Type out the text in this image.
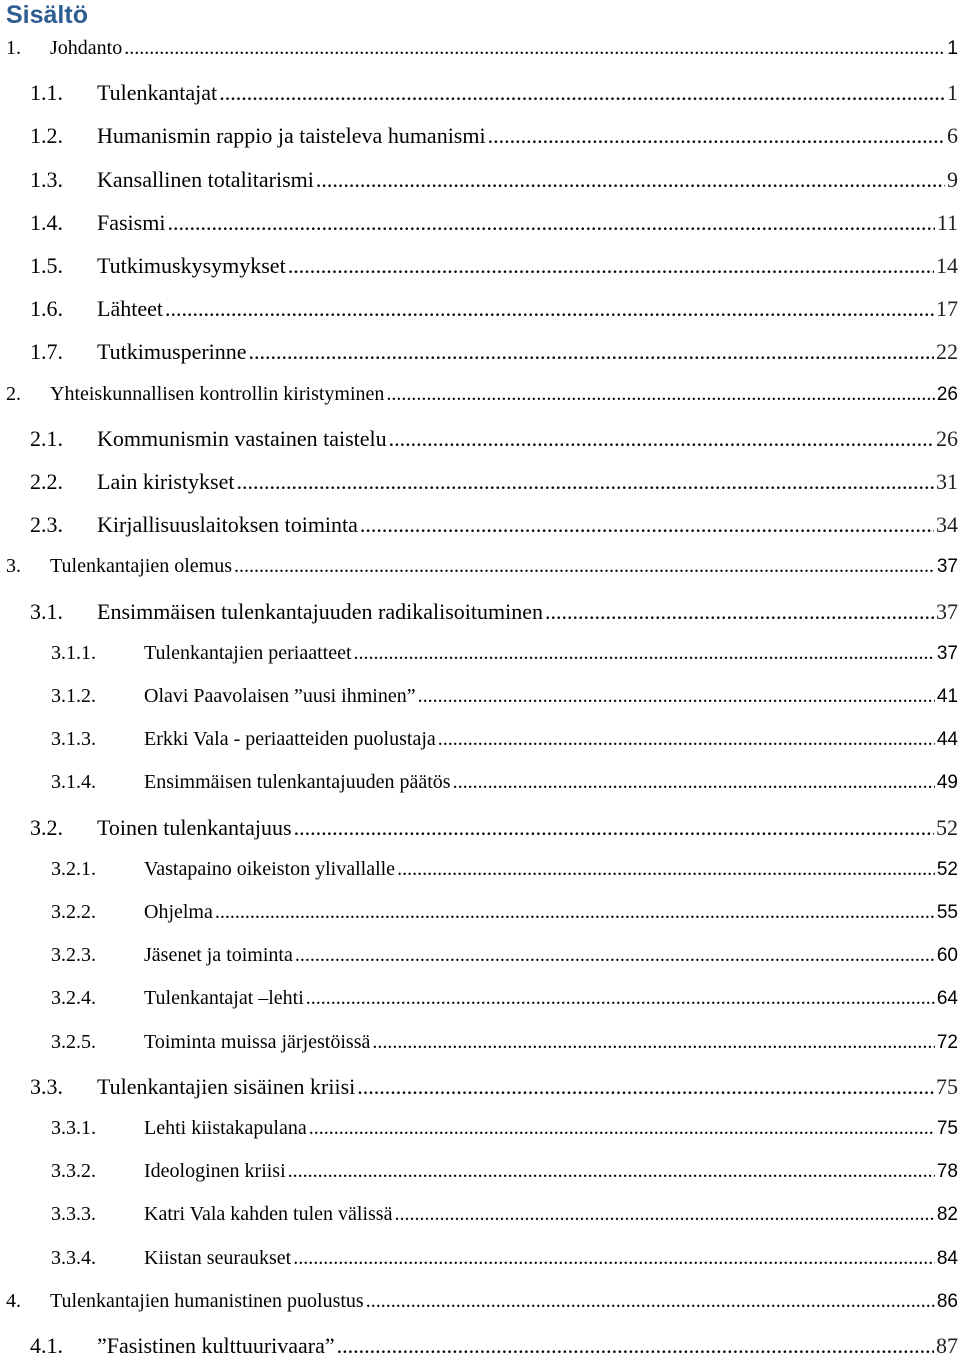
Sisältö
1.	Johdanto .....	1
1.1.	Tulenkantajat .....	1
1.2.	Humanismin rappio ja taisteleva humanismi .....	6
1.3.	Kansallinen totalitarismi .....	9
1.4.	Fasismi .....	11
1.5.	Tutkimuskysymykset .....	14
1.6.	Lähteet .....	17
1.7.	Tutkimusperinne .....	22
2.	Yhteiskunnallisen kontrollin kiristyminen .....	26
2.1.	Kommunismin vastainen taistelu .....	26
2.2.	Lain kiristykset .....	31
2.3.	Kirjallisuuslaitoksen toiminta .....	34
3.	Tulenkantajien olemus .....	37
3.1.	Ensimmäisen tulenkantajuuden radikalisoituminen .....	37
3.1.1.	Tulenkantajien periaatteet .....	37
3.1.2.	Olavi Paavolaisen ”uusi ihminen” .....	41
3.1.3.	Erkki Vala - periaatteiden puolustaja .....	44
3.1.4.	Ensimmäisen tulenkantajuuden päätös .....	49
3.2.	Toinen tulenkantajuus .....	52
3.2.1.	Vastapaino oikeiston ylivallalle .....	52
3.2.2.	Ohjelma .....	55
3.2.3.	Jäsenet ja toiminta .....	60
3.2.4.	Tulenkantajat –lehti .....	64
3.2.5.	Toiminta muissa järjestöissä .....	72
3.3.	Tulenkantajien sisäinen kriisi .....	75
3.3.1.	Lehti kiistakapulana .....	75
3.3.2.	Ideologinen kriisi .....	78
3.3.3.	Katri Vala kahden tulen välissä .....	82
3.3.4.	Kiistan seuraukset .....	84
4.	Tulenkantajien humanistinen puolustus .....	86
4.1.	”Fasistinen kulttuurivaara” .....	87
